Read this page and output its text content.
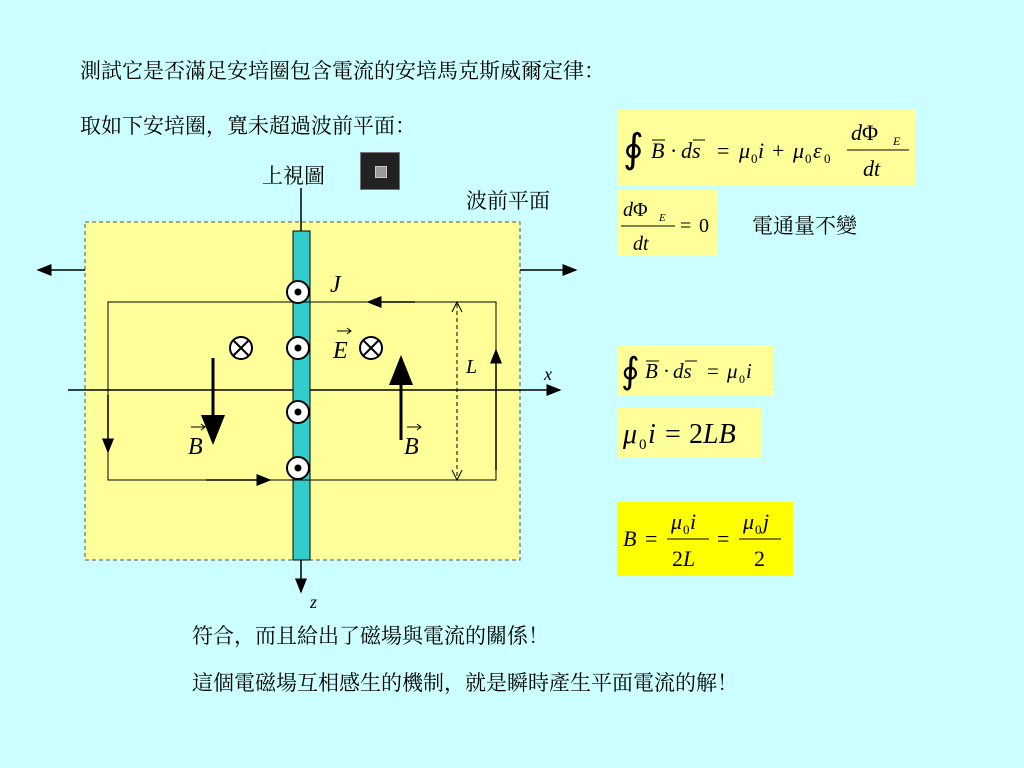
測試它是否滿足安培圈包含電流的安培馬克斯威爾定律：
取如下安培圈，寬未超過波前平面：
上視圖
波前平面
電通量不變
符合，而且給出了磁場與電流的關係！
這個電磁場互相感生的機制，就是瞬時產生平面電流的解！
J
E
B	B
L	x
z
∮ B · ds = μ 0 i + μ 0 ε 0
dΦ E
dt
dΦ E
dt
= 0
∮ B · ds = μ 0 i
μ 0 i = 2LB
B =
μ 0 i
2L
=
μ 0 j
2
